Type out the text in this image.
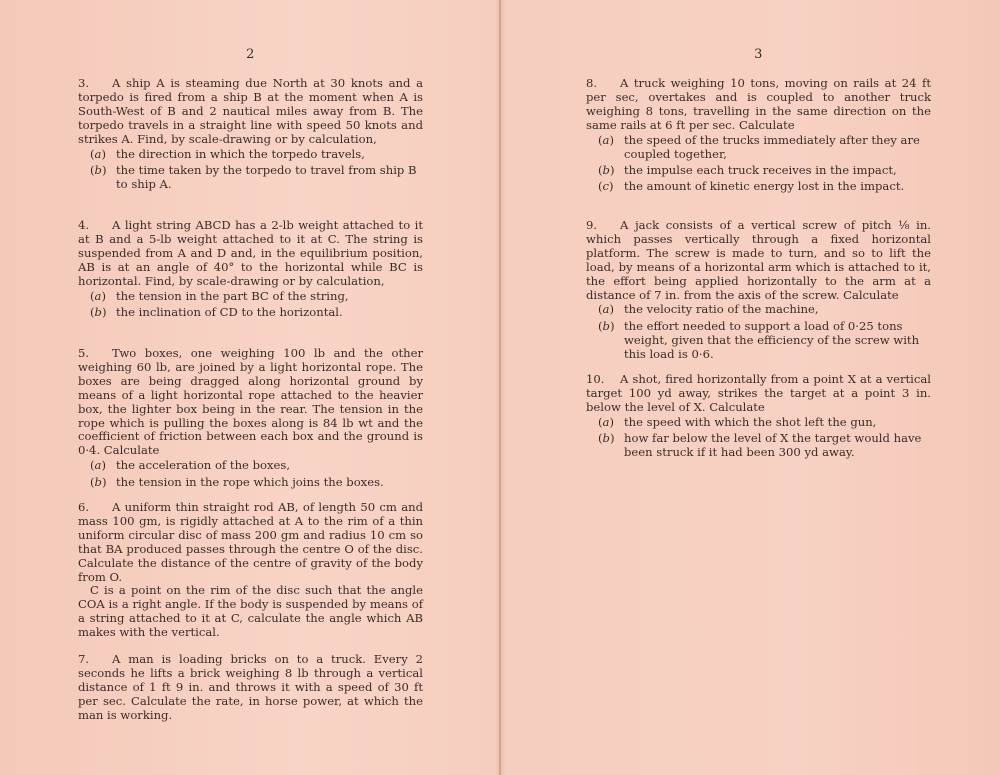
2
3. A ship A is steaming due North at 30 knots and a torpedo is fired from a ship B at the moment when A is South-West of B and 2 nautical miles away from B. The torpedo travels in a straight line with speed 50 knots and strikes A. Find, by scale-drawing or by calculation,
(a) the direction in which the torpedo travels,
(b) the time taken by the torpedo to travel from ship B to ship A.
4. A light string ABCD has a 2-lb weight attached to it at B and a 5-lb weight attached to it at C. The string is suspended from A and D and, in the equilibrium position, AB is at an angle of 40° to the horizontal while BC is horizontal. Find, by scale-drawing or by calculation,
(a) the tension in the part BC of the string,
(b) the inclination of CD to the horizontal.
5. Two boxes, one weighing 100 lb and the other weighing 60 lb, are joined by a light horizontal rope. The boxes are being dragged along horizontal ground by means of a light horizontal rope attached to the heavier box, the lighter box being in the rear. The tension in the rope which is pulling the boxes along is 84 lb wt and the coefficient of friction between each box and the ground is 0·4. Calculate
(a) the acceleration of the boxes,
(b) the tension in the rope which joins the boxes.
6. A uniform thin straight rod AB, of length 50 cm and mass 100 gm, is rigidly attached at A to the rim of a thin uniform circular disc of mass 200 gm and radius 10 cm so that BA produced passes through the centre O of the disc. Calculate the distance of the centre of gravity of the body from O.
C is a point on the rim of the disc such that the angle COA is a right angle. If the body is suspended by means of a string attached to it at C, calculate the angle which AB makes with the vertical.
7. A man is loading bricks on to a truck. Every 2 seconds he lifts a brick weighing 8 lb through a vertical distance of 1 ft 9 in. and throws it with a speed of 30 ft per sec. Calculate the rate, in horse power, at which the man is working.
3
8. A truck weighing 10 tons, moving on rails at 24 ft per sec, overtakes and is coupled to another truck weighing 8 tons, travelling in the same direction on the same rails at 6 ft per sec. Calculate
(a) the speed of the trucks immediately after they are coupled together,
(b) the impulse each truck receives in the impact,
(c) the amount of kinetic energy lost in the impact.
9. A jack consists of a vertical screw of pitch ⅛ in. which passes vertically through a fixed horizontal platform. The screw is made to turn, and so to lift the load, by means of a horizontal arm which is attached to it, the effort being applied horizontally to the arm at a distance of 7 in. from the axis of the screw. Calculate
(a) the velocity ratio of the machine,
(b) the effort needed to support a load of 0·25 tons weight, given that the efficiency of the screw with this load is 0·6.
10. A shot, fired horizontally from a point X at a vertical target 100 yd away, strikes the target at a point 3 in. below the level of X. Calculate
(a) the speed with which the shot left the gun,
(b) how far below the level of X the target would have been struck if it had been 300 yd away.
